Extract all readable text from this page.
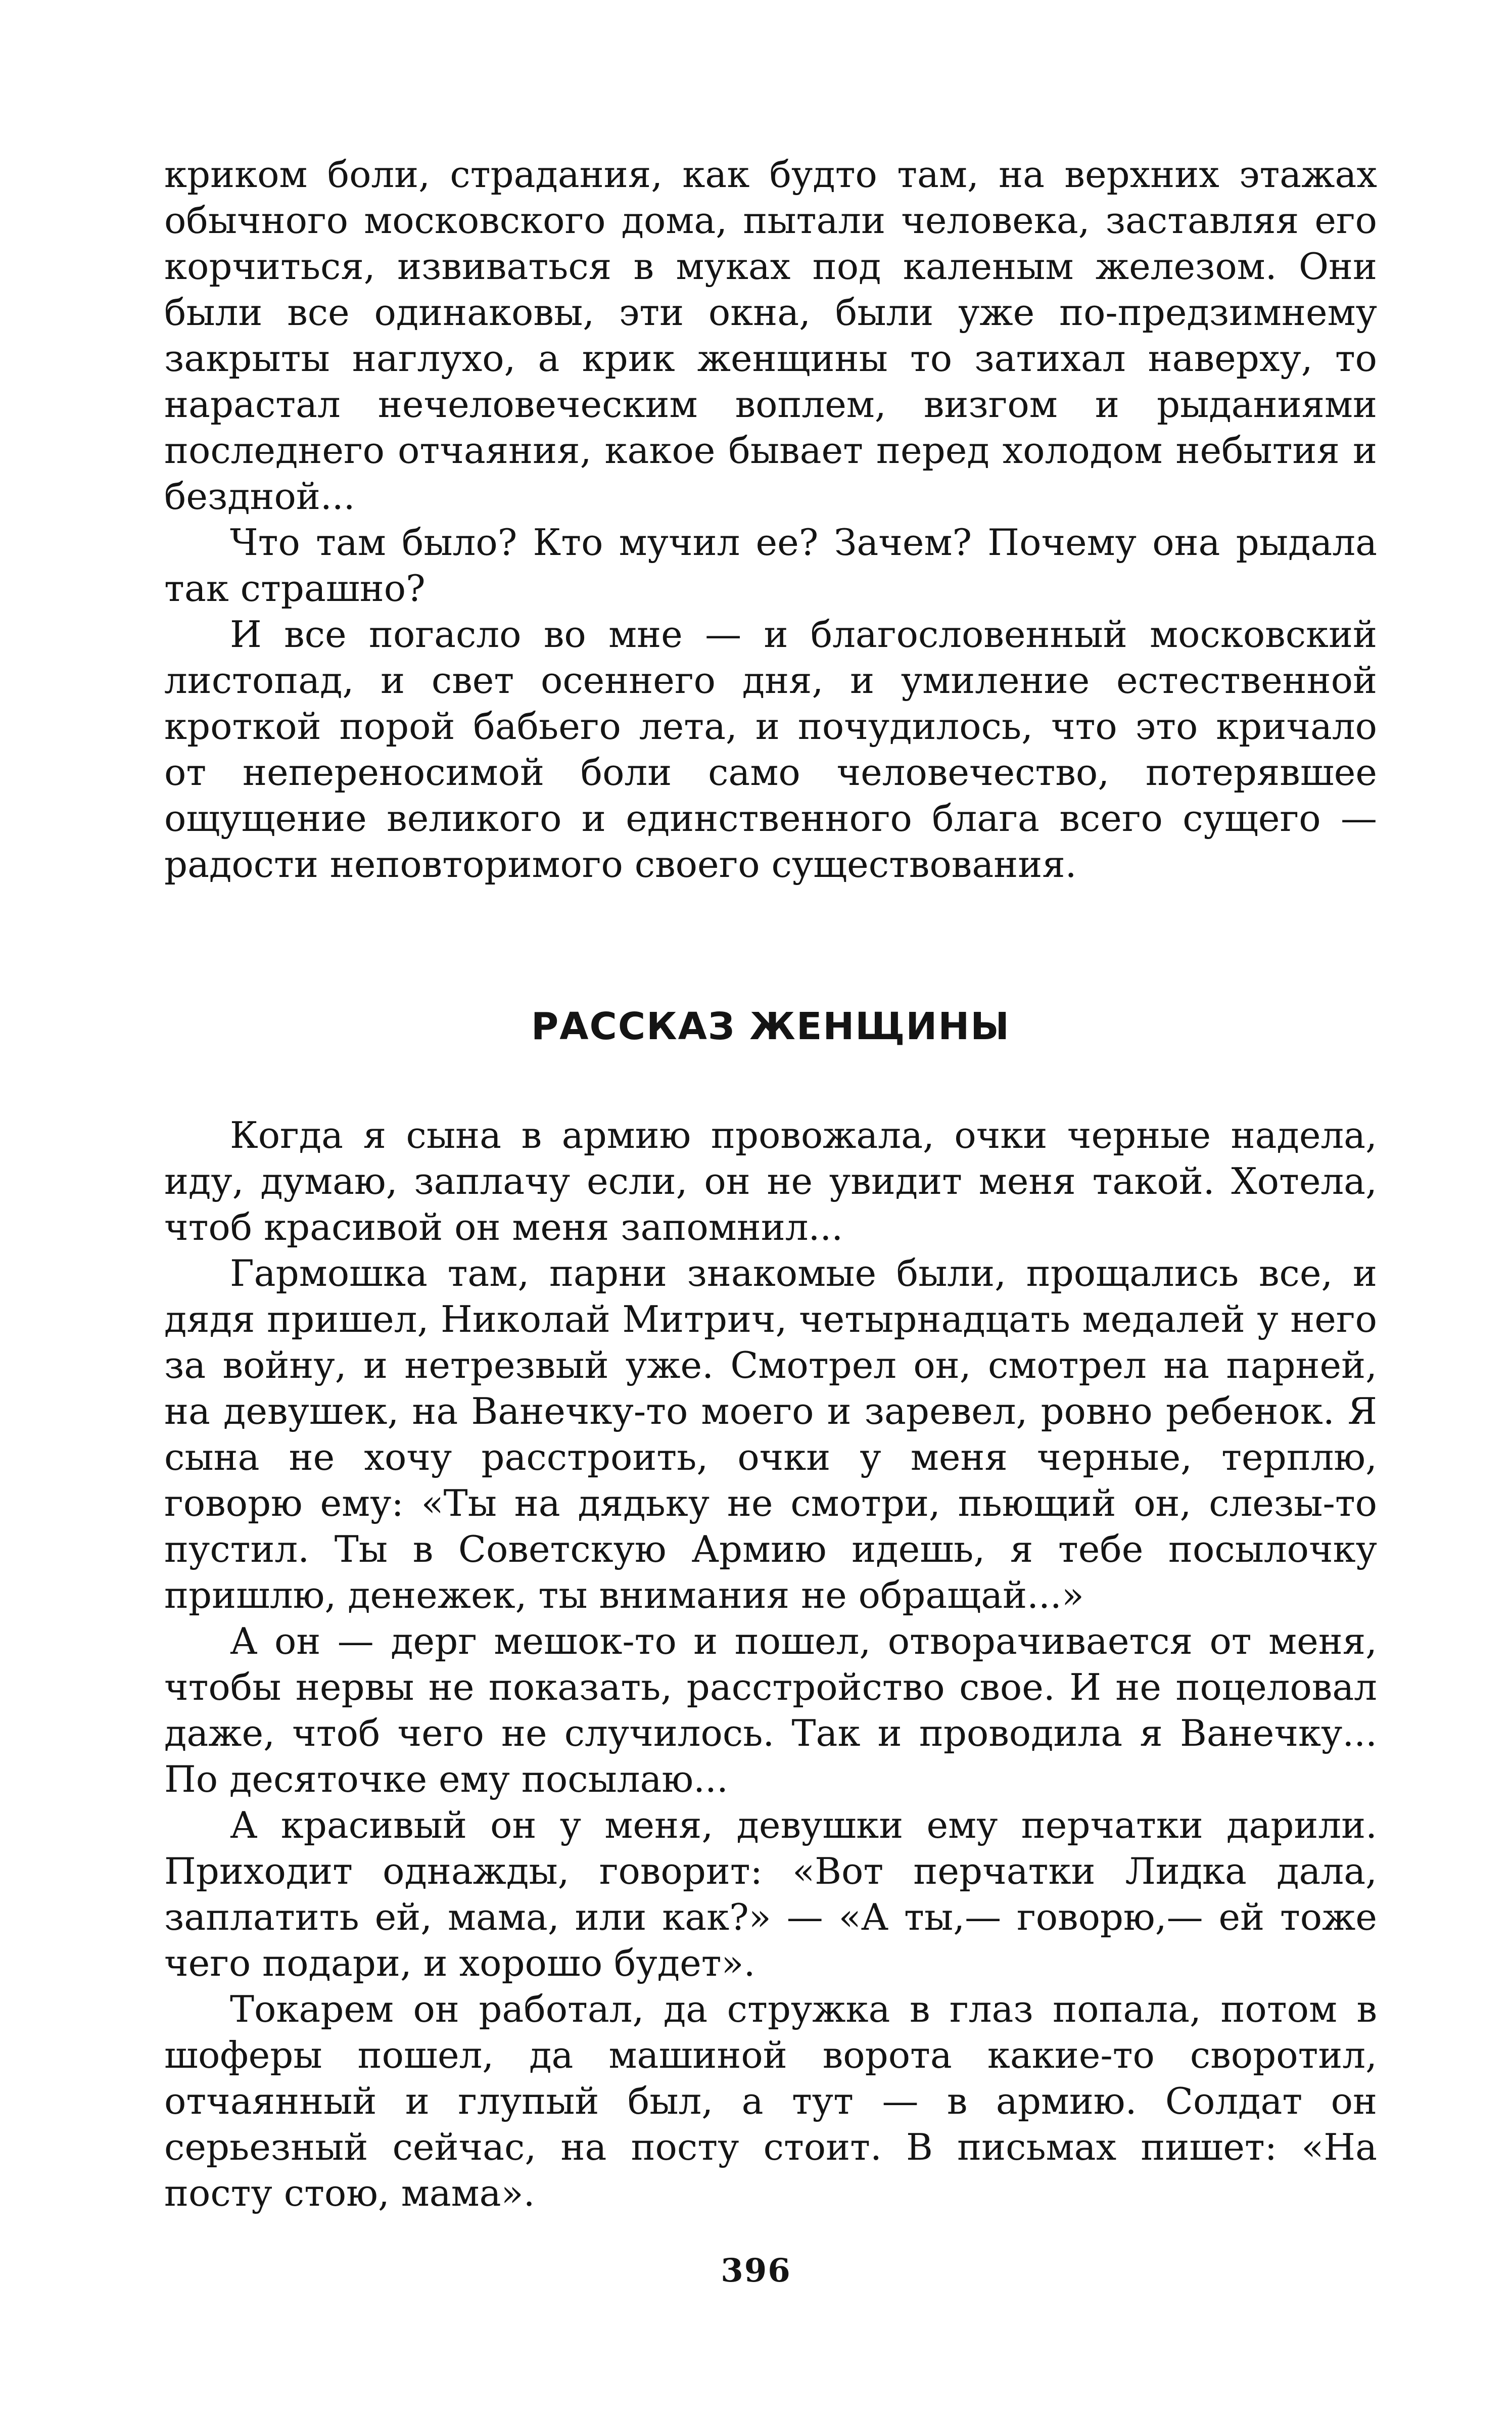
криком боли, страдания, как будто там, на верхних этажах обычного московского дома, пытали человека, заставляя его корчиться, извиваться в муках под каленым железом. Они были все одинаковы, эти окна, были уже по-предзимнему закрыты наглухо, а крик женщины то затихал наверху, то нарастал нечеловеческим воплем, визгом и рыданиями последнего отчаяния, какое бывает перед холодом небытия и бездной...

Что там было? Кто мучил ее? Зачем? Почему она рыдала так страшно?

И все погасло во мне — и благословенный московский листопад, и свет осеннего дня, и умиление естественной кроткой порой бабьего лета, и почудилось, что это кричало от непереносимой боли само человечество, потерявшее ощущение великого и единственного блага всего сущего — радости неповторимого своего существования.

РАССКАЗ ЖЕНЩИНЫ

Когда я сына в армию провожала, очки черные надела, иду, думаю, заплачу если, он не увидит меня такой. Хотела, чтоб красивой он меня запомнил...

Гармошка там, парни знакомые были, прощались все, и дядя пришел, Николай Митрич, четырнадцать медалей у него за войну, и нетрезвый уже. Смотрел он, смотрел на парней, на девушек, на Ванечку-то моего и заревел, ровно ребенок. Я сына не хочу расстроить, очки у меня черные, терплю, говорю ему: «Ты на дядьку не смотри, пьющий он, слезы-то пустил. Ты в Советскую Армию идешь, я тебе посылочку пришлю, денежек, ты внимания не обращай...»

А он — дерг мешок-то и пошел, отворачивается от меня, чтобы нервы не показать, расстройство свое. И не поцеловал даже, чтоб чего не случилось. Так и проводила я Ванечку... По десяточке ему посылаю...

А красивый он у меня, девушки ему перчатки дарили. Приходит однажды, говорит: «Вот перчатки Лидка дала, заплатить ей, мама, или как?» — «А ты,— говорю,— ей тоже чего подари, и хорошо будет».

Токарем он работал, да стружка в глаз попала, потом в шоферы пошел, да машиной ворота какие-то своротил, отчаянный и глупый был, а тут — в армию. Солдат он серьезный сейчас, на посту стоит. В письмах пишет: «На посту стою, мама».

396
